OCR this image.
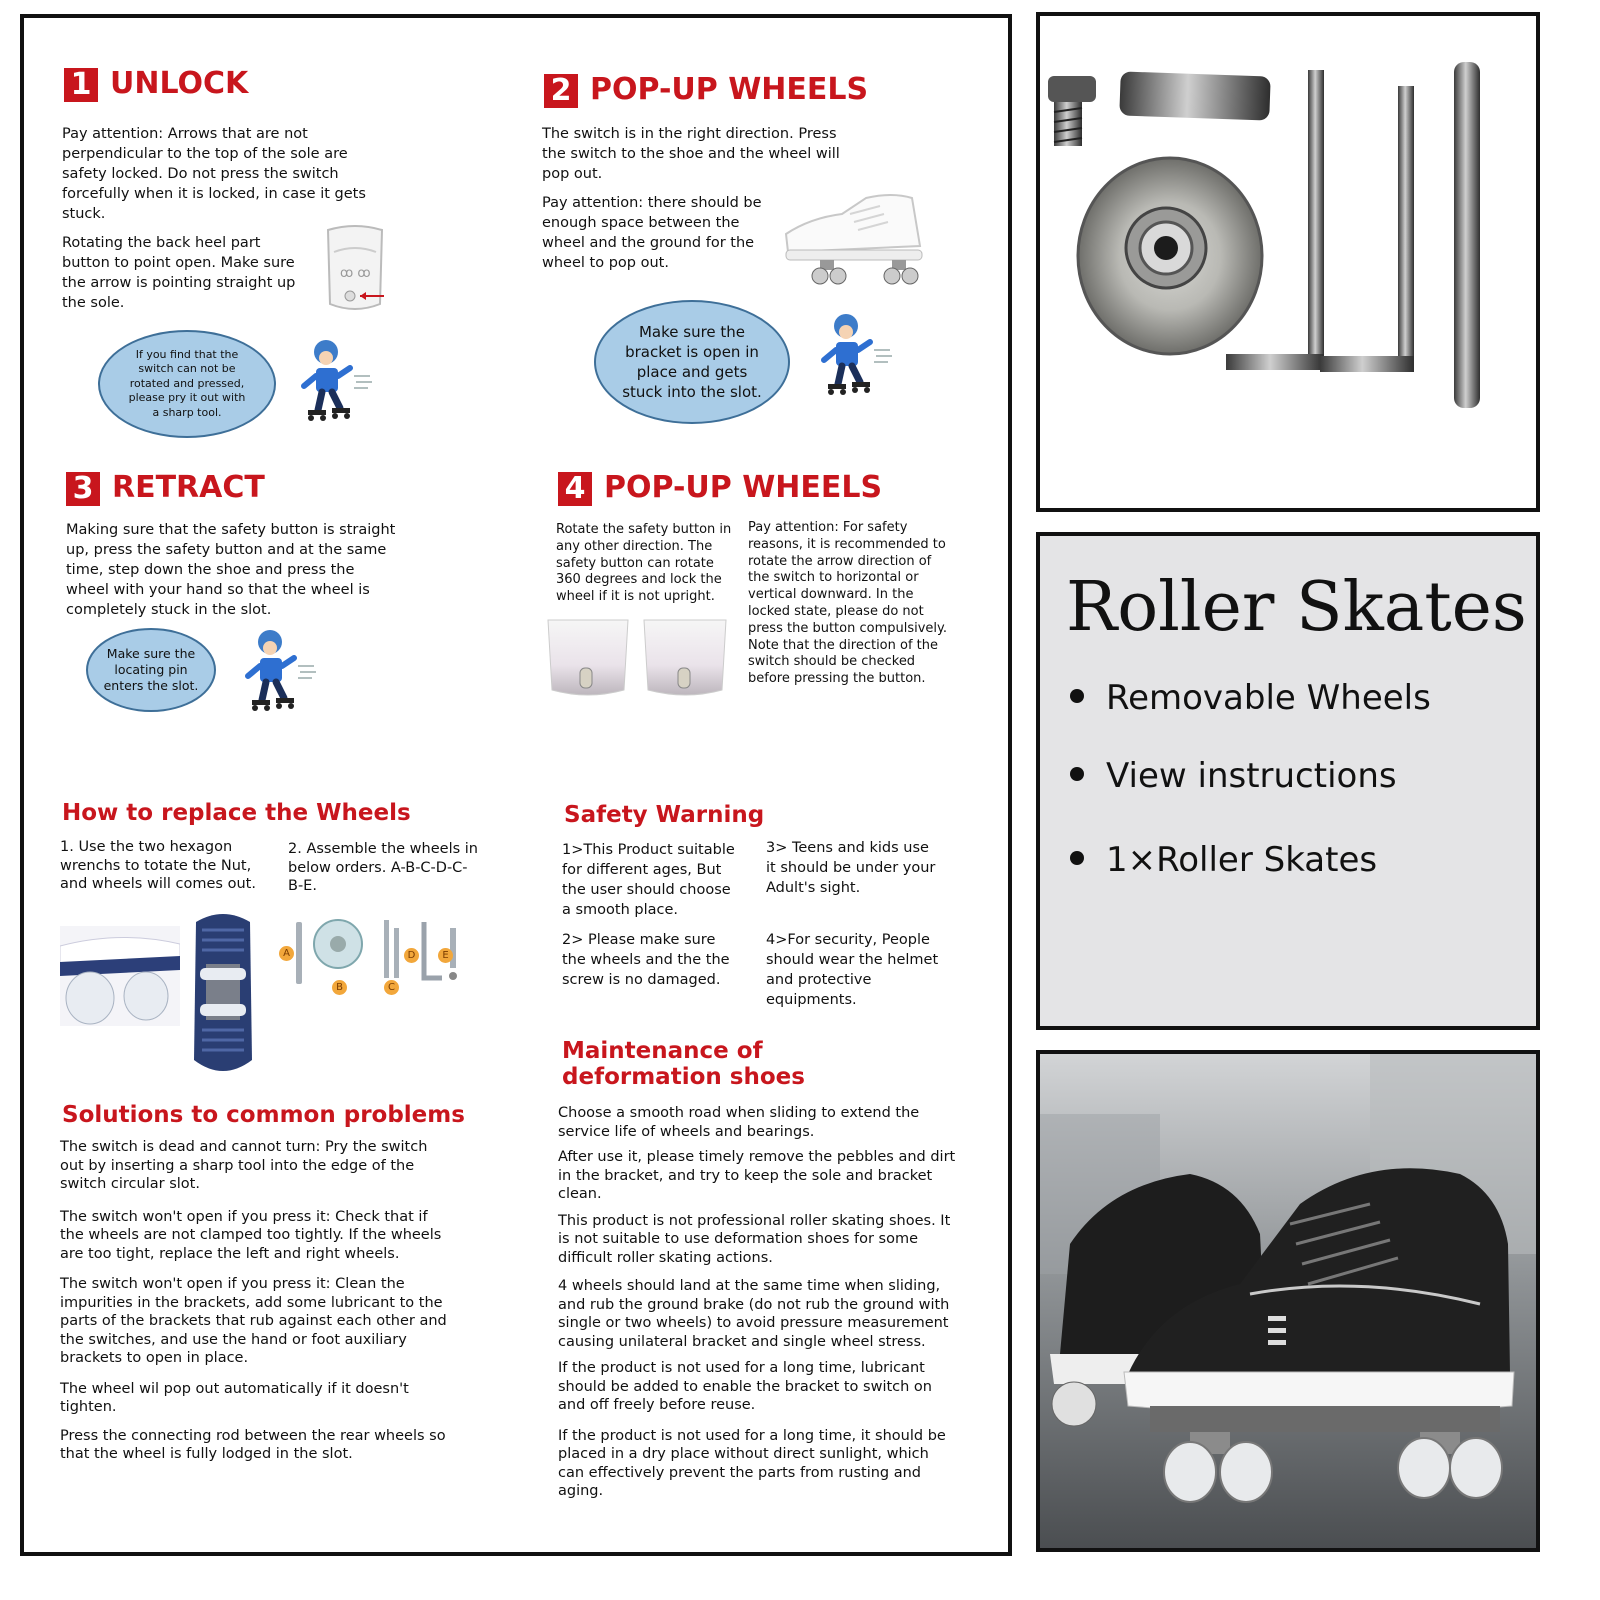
1 UNLOCK

Pay attention: Arrows that are not perpendicular to the top of the sole are safety locked. Do not press the switch forcefully when it is locked, in case it gets stuck.

Rotating the back heel part button to point open. Make sure the arrow is pointing straight up the sole.

ꝏ ꝏ
If you find that the switch can not be rotated and pressed, please pry it out with a sharp tool.
2 POP-UP WHEELS

The switch is in the right direction. Press the switch to the shoe and the wheel will pop out.

Pay attention: there should be enough space between the wheel and the ground for the wheel to pop out.

Make sure the bracket is open in place and gets stuck into the slot.
3 RETRACT

Making sure that the safety button is straight up, press the safety button and at the same time, step down the shoe and press the wheel with your hand so that the wheel is completely stuck in the slot.

Make sure the locating pin enters the slot.
4 POP-UP WHEELS

Rotate the safety button in any other direction. The safety button can rotate 360 degrees and lock the wheel if it is not upright.

Pay attention: For safety reasons, it is recommended to rotate the arrow direction of the switch to horizontal or vertical downward. In the locked state, please do not press the button compulsively. Note that the direction of the switch should be checked before pressing the button.

How to replace the Wheels

1. Use the two hexagon wrenchs to totate the Nut, and wheels will comes out.

2. Assemble the wheels in below orders. A-B-C-D-C- B-E.

A
B	C
D	E
Safety Warning

1>This Product suitable for different ages, But the user should choose a smooth place.

2> Please make sure the wheels and the the screw is no damaged.

3> Teens and kids use it should be under your Adult's sight.

4>For security, People should wear the helmet and protective equipments.

Solutions to common problems

The switch is dead and cannot turn: Pry the switch out by inserting a sharp tool into the edge of the switch circular slot.

The switch won't open if you press it: Check that if the wheels are not clamped too tightly. If the wheels are too tight, replace the left and right wheels.

The switch won't open if you press it: Clean the impurities in the brackets, add some lubricant to the parts of the brackets that rub against each other and the switches, and use the hand or foot auxiliary brackets to open in place.

The wheel wil pop out automatically if it doesn't tighten.

Press the connecting rod between the rear wheels so that the wheel is fully lodged in the slot.

Maintenance of deformation shoes

Choose a smooth road when sliding to extend the service life of wheels and bearings.

After use it, please timely remove the pebbles and dirt in the bracket, and try to keep the sole and bracket clean.

This product is not professional roller skating shoes. It is not suitable to use deformation shoes for some difficult roller skating actions.

4 wheels should land at the same time when sliding, and rub the ground brake (do not rub the ground with single or two wheels) to avoid pressure measurement causing unilateral bracket and single wheel stress.

If the product is not used for a long time, lubricant should be added to enable the bracket to switch on and off freely before reuse.

If the product is not used for a long time, it should be placed in a dry place without direct sunlight, which can effectively prevent the parts from rusting and aging.

Roller Skates
Removable Wheels
View instructions
1×Roller Skates
